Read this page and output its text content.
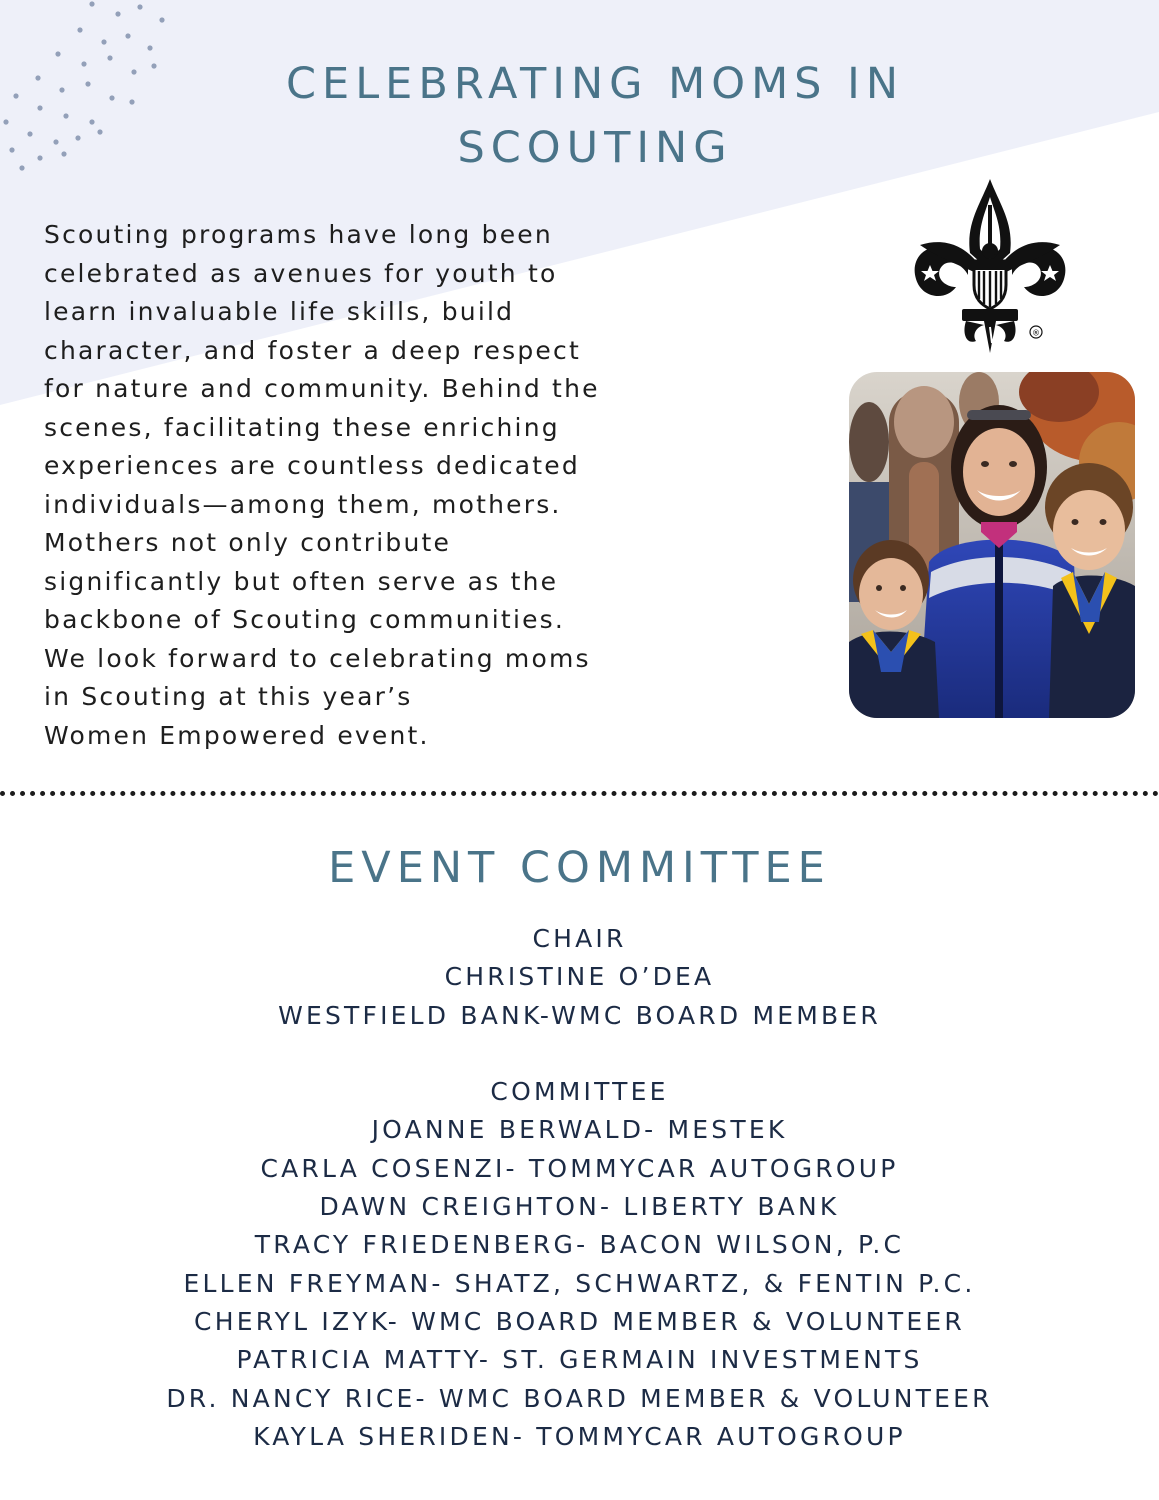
CELEBRATING MOMS IN
SCOUTING
Scouting programs have long been
celebrated as avenues for youth to
learn invaluable life skills, build
character, and foster a deep respect
for nature and community. Behind the
scenes, facilitating these enriching
experiences are countless dedicated
individuals—among them, mothers.
Mothers not only contribute
significantly but often serve as the
backbone of Scouting communities.
We look forward to celebrating moms
in Scouting at this year’s
Women Empowered event.
®
EVENT COMMITTEE
CHAIR
CHRISTINE O’DEA
WESTFIELD BANK-WMC BOARD MEMBER
COMMITTEE
JOANNE BERWALD- MESTEK
CARLA COSENZI- TOMMYCAR AUTOGROUP
DAWN CREIGHTON- LIBERTY BANK
TRACY FRIEDENBERG- BACON WILSON, P.C
ELLEN FREYMAN- SHATZ, SCHWARTZ, & FENTIN P.C.
CHERYL IZYK- WMC BOARD MEMBER & VOLUNTEER
PATRICIA MATTY- ST. GERMAIN INVESTMENTS
DR. NANCY RICE- WMC BOARD MEMBER & VOLUNTEER
KAYLA SHERIDEN- TOMMYCAR AUTOGROUP
